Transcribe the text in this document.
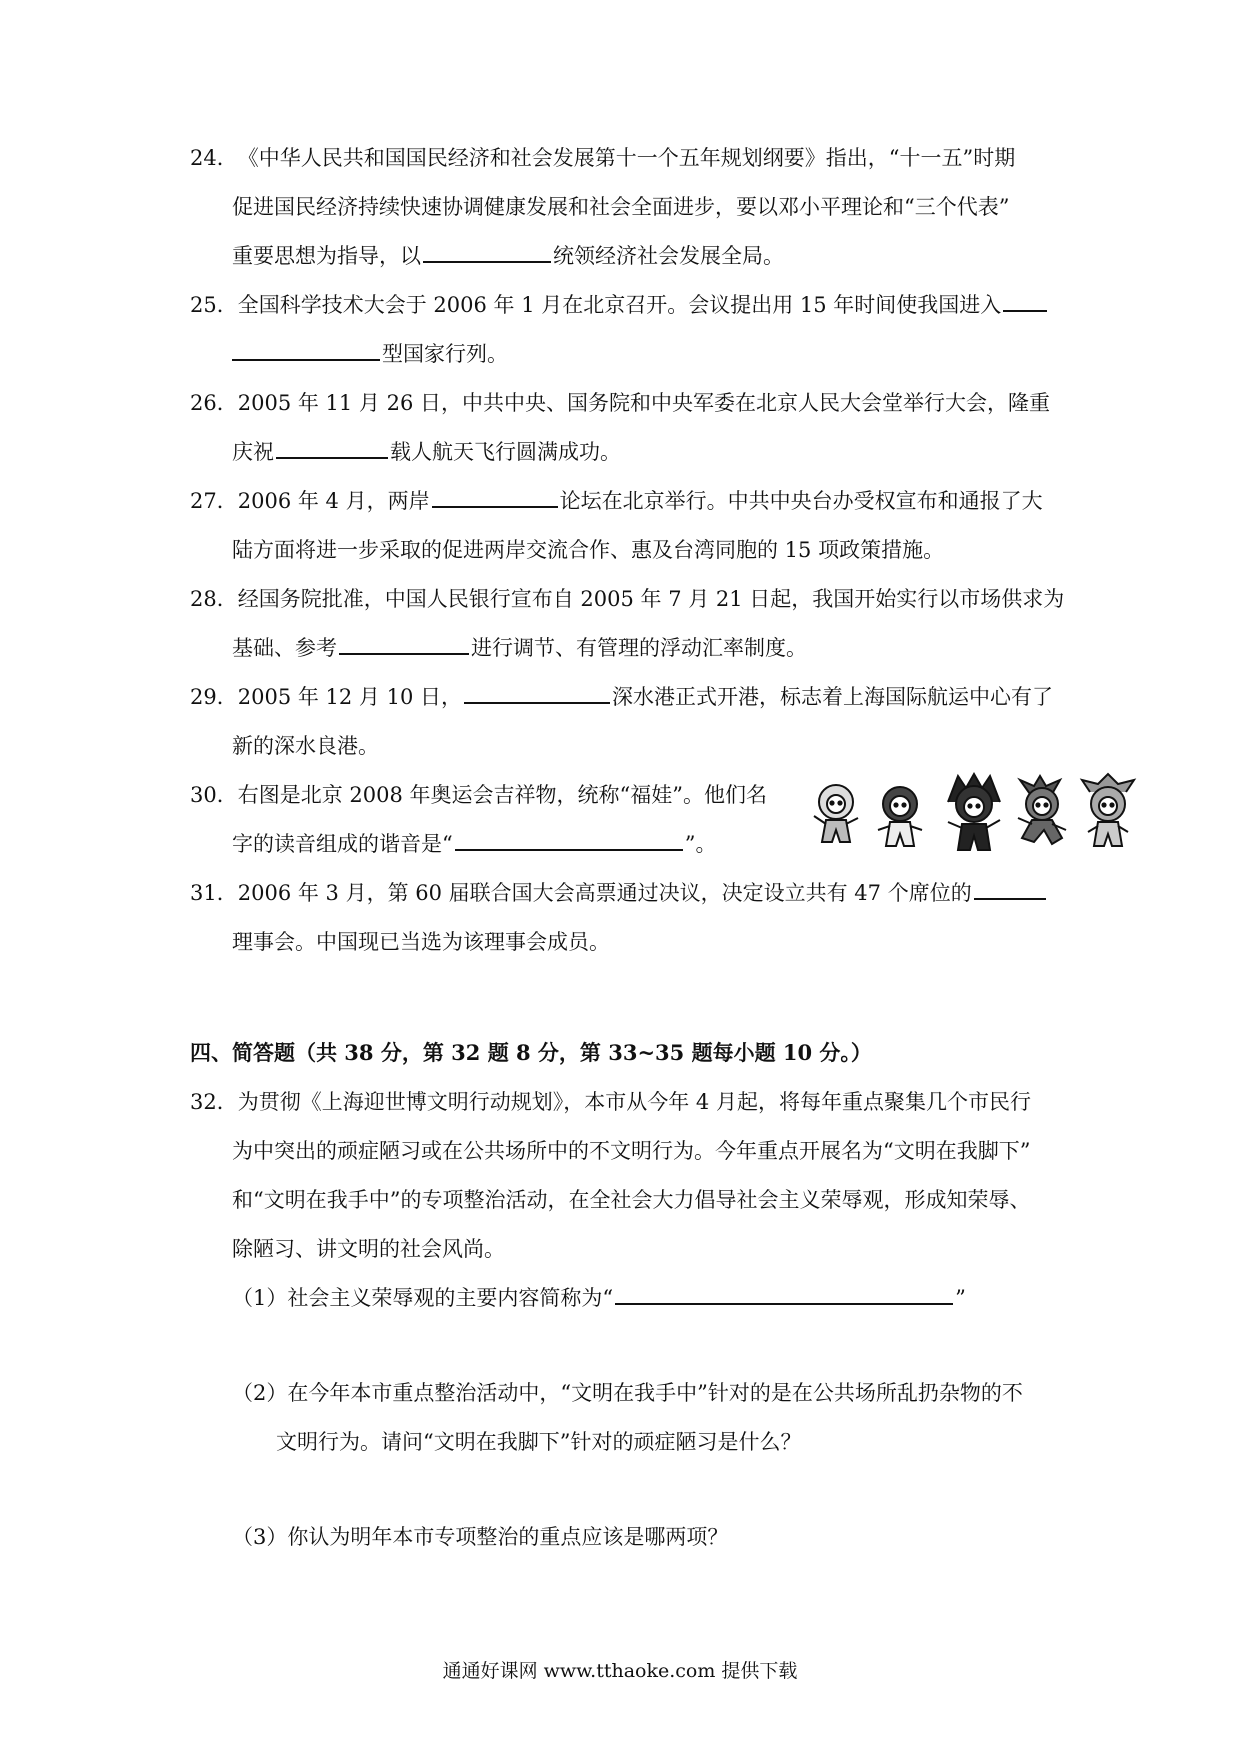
24．《中华人民共和国国民经济和社会发展第十一个五年规划纲要》指出，“十一五”时期
促进国民经济持续快速协调健康发展和社会全面进步，要以邓小平理论和“三个代表”
重要思想为指导，以	统领经济社会发展全局。
25．全国科学技术大会于 2006 年 1 月在北京召开。会议提出用 15 年时间使我国进入
型国家行列。
26．2005 年 11 月 26 日，中共中央、国务院和中央军委在北京人民大会堂举行大会，隆重
庆祝	载人航天飞行圆满成功。
27．2006 年 4 月，两岸	论坛在北京举行。中共中央台办受权宣布和通报了大
陆方面将进一步采取的促进两岸交流合作、惠及台湾同胞的 15 项政策措施。
28．经国务院批准，中国人民银行宣布自 2005 年 7 月 21 日起，我国开始实行以市场供求为
基础、参考	进行调节、有管理的浮动汇率制度。
29．2005 年 12 月 10 日，	深水港正式开港，标志着上海国际航运中心有了
新的深水良港。
30．右图是北京 2008 年奥运会吉祥物，统称“福娃”。他们名
字的读音组成的谐音是“	”。
31．2006 年 3 月，第 60 届联合国大会高票通过决议，决定设立共有 47 个席位的
理事会。中国现已当选为该理事会成员。
四、简答题（共 38 分，第 32 题 8 分，第 33~35 题每小题 10 分。）
32．为贯彻《上海迎世博文明行动规划》，本市从今年 4 月起，将每年重点聚集几个市民行
为中突出的顽症陋习或在公共场所中的不文明行为。今年重点开展名为“文明在我脚下”
和“文明在我手中”的专项整治活动，在全社会大力倡导社会主义荣辱观，形成知荣辱、
除陋习、讲文明的社会风尚。
（1）社会主义荣辱观的主要内容简称为“	”
（2）在今年本市重点整治活动中，“文明在我手中”针对的是在公共场所乱扔杂物的不
文明行为。请问“文明在我脚下”针对的顽症陋习是什么？
（3）你认为明年本市专项整治的重点应该是哪两项？
通通好课网 www.tthaoke.com 提供下载
